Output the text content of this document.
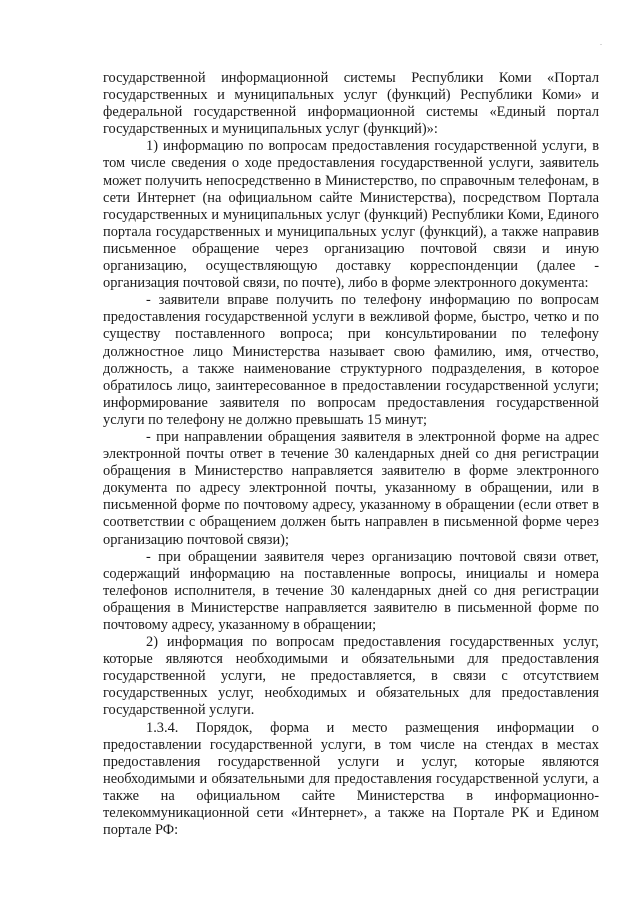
.

государственной информационной системы Республики Коми «Портал государственных и муниципальных услуг (функций) Республики Коми» и федеральной государственной информационной системы «Единый портал государственных и муниципальных услуг (функций)»:

1) информацию по вопросам предоставления государственной услуги, в том числе сведения о ходе предоставления государственной услуги, заявитель может получить непосредственно в Министерство, по справочным телефонам, в сети Интернет (на официальном сайте Министерства), посредством Портала государственных и муниципальных услуг (функций) Республики Коми, Единого портала государственных и муниципальных услуг (функций), а также направив письменное обращение через организацию почтовой связи и иную организацию, осуществляющую доставку корреспонденции (далее - организация почтовой связи, по почте), либо в форме электронного документа:

- заявители вправе получить по телефону информацию по вопросам предоставления государственной услуги в вежливой форме, быстро, четко и по существу поставленного вопроса; при консультировании по телефону должностное лицо Министерства называет свою фамилию, имя, отчество, должность, а также наименование структурного подразделения, в которое обратилось лицо, заинтересованное в предоставлении государственной услуги; информирование заявителя по вопросам предоставления государственной услуги по телефону не должно превышать 15 минут;

- при направлении обращения заявителя в электронной форме на адрес электронной почты ответ в течение 30 календарных дней со дня регистрации обращения в Министерство направляется заявителю в форме электронного документа по адресу электронной почты, указанному в обращении, или в письменной форме по почтовому адресу, указанному в обращении (если ответ в соответствии с обращением должен быть направлен в письменной форме через организацию почтовой связи);

- при обращении заявителя через организацию почтовой связи ответ, содержащий информацию на поставленные вопросы, инициалы и номера телефонов исполнителя, в течение 30 календарных дней со дня регистрации обращения в Министерстве направляется заявителю в письменной форме по почтовому адресу, указанному в обращении;

2) информация по вопросам предоставления государственных услуг, которые являются необходимыми и обязательными для предоставления государственной услуги, не предоставляется, в связи с отсутствием государственных услуг, необходимых и обязательных для предоставления государственной услуги.

1.3.4. Порядок, форма и место размещения информации о предоставлении государственной услуги, в том числе на стендах в местах предоставления государственной услуги и услуг, которые являются необходимыми и обязательными для предоставления государственной услуги, а также на официальном сайте Министерства в информационно-телекоммуникационной сети «Интернет», а также на Портале РК и Едином портале РФ:
